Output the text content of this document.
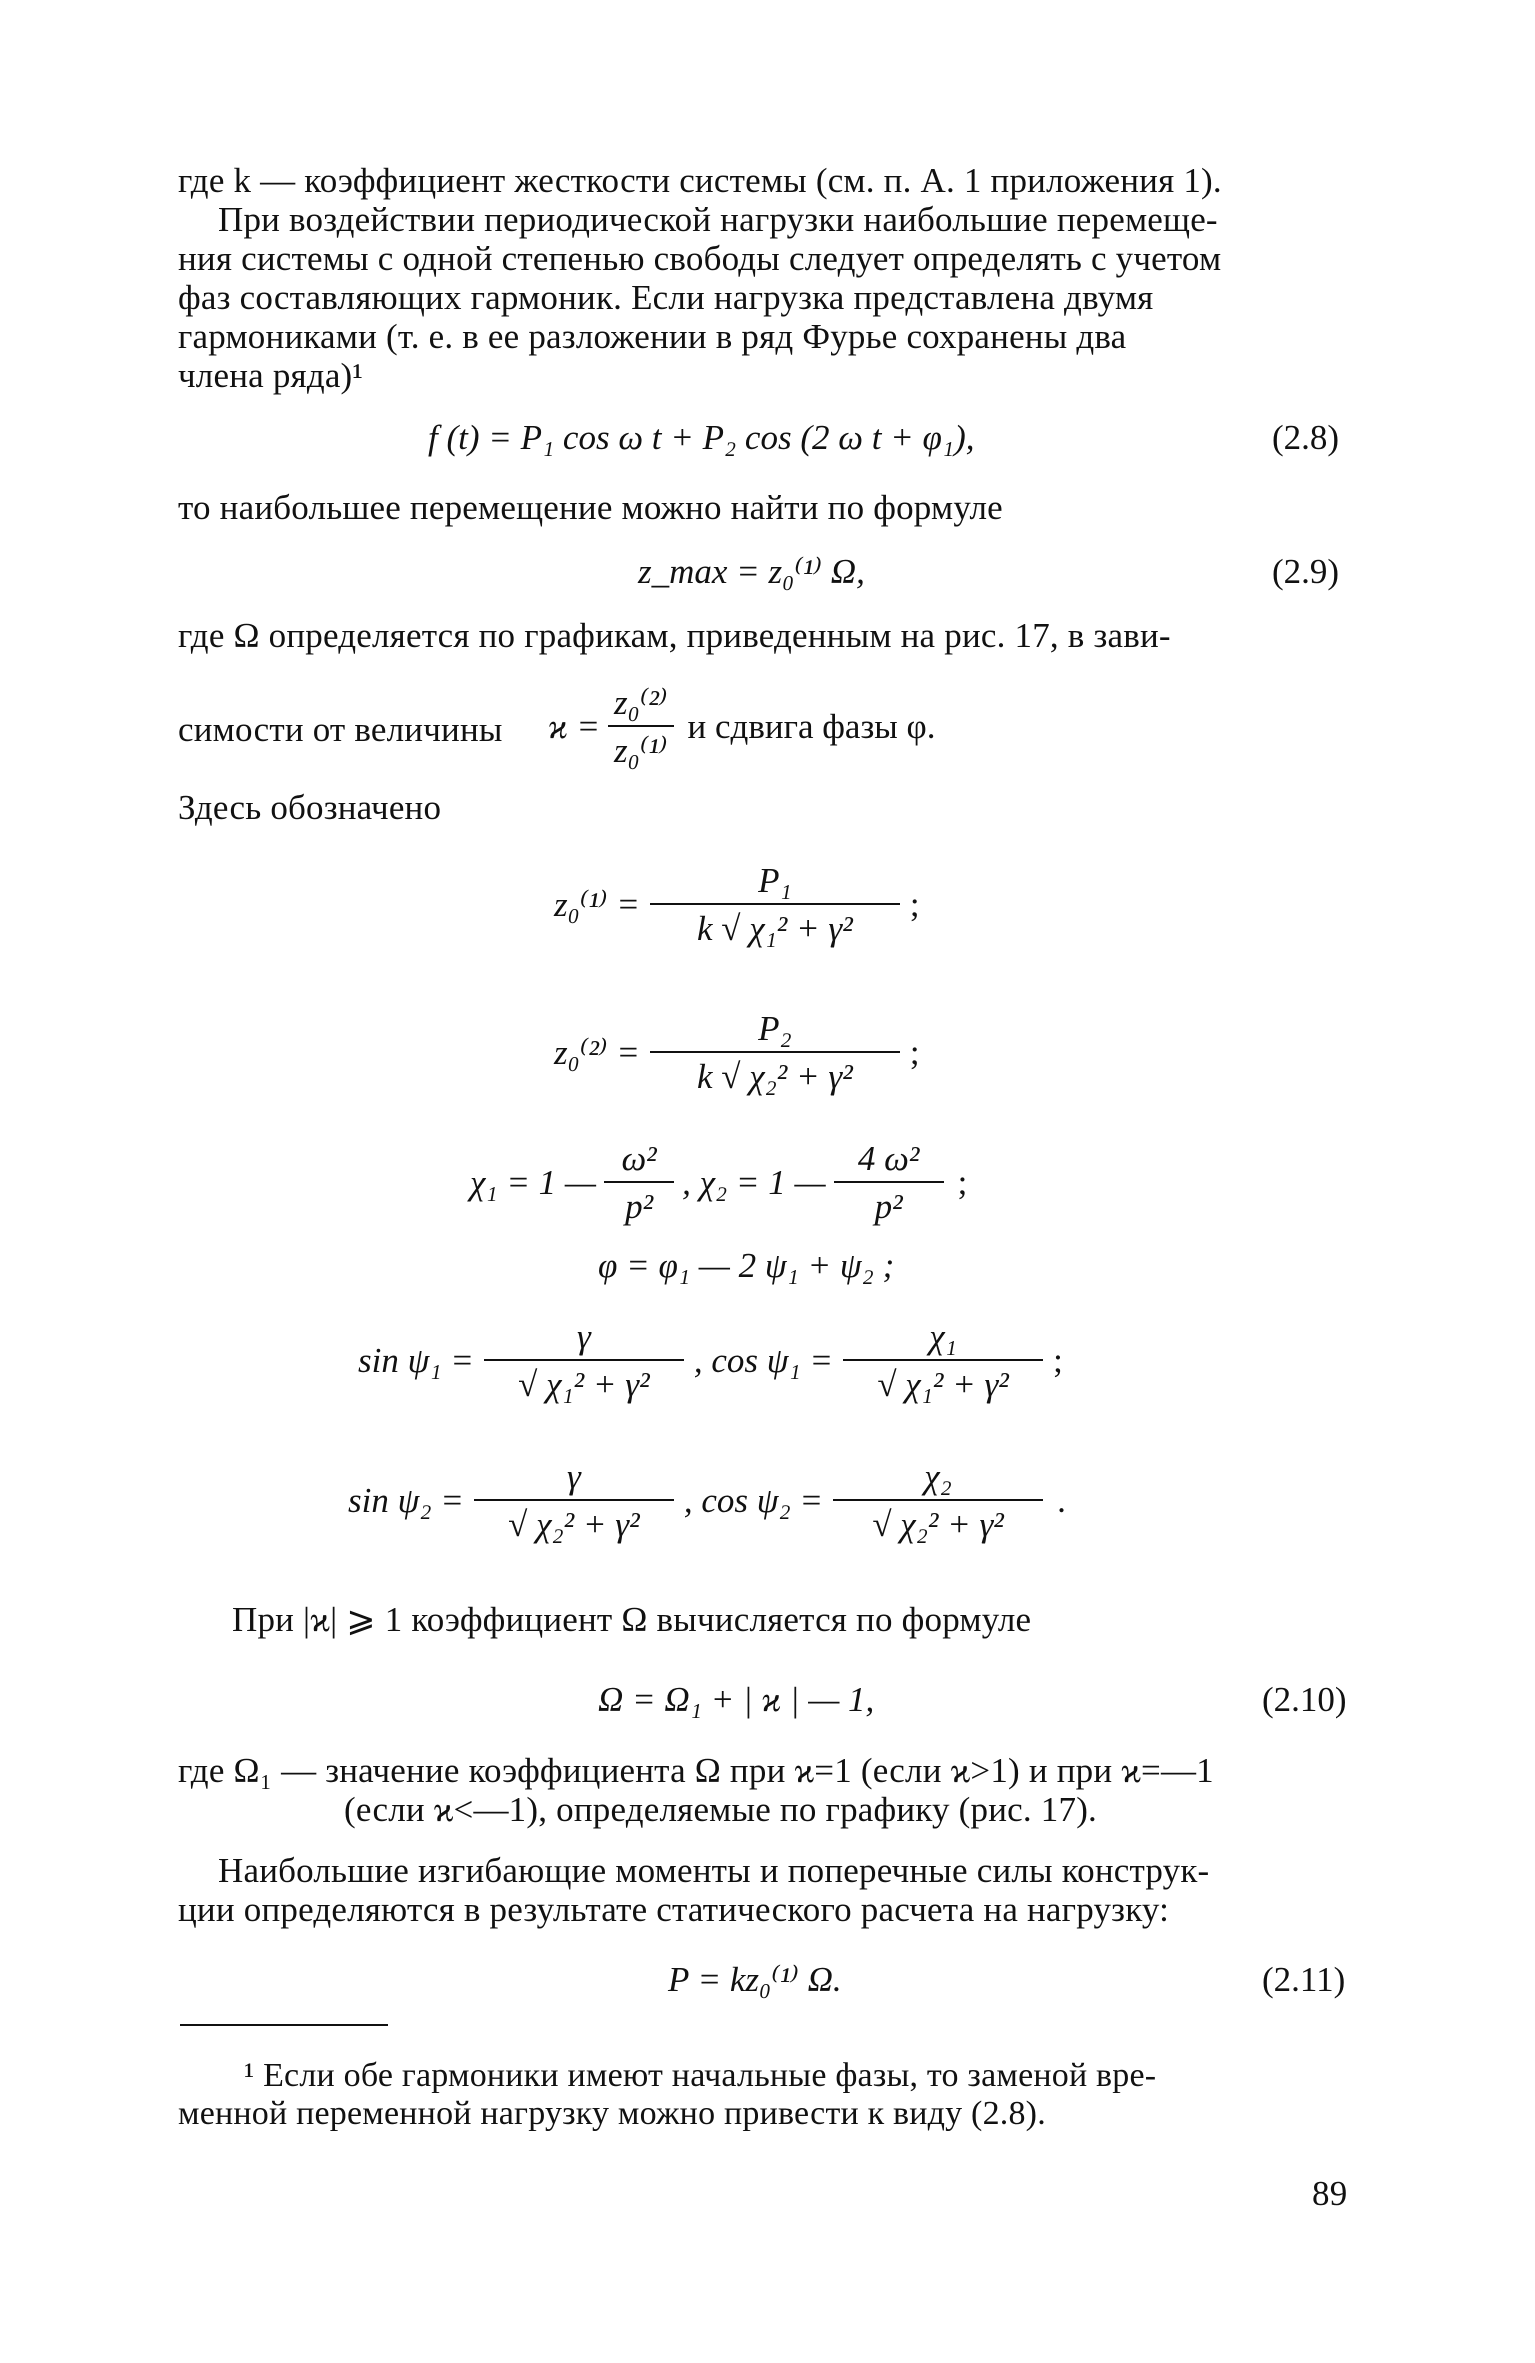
где k — коэффициент жесткости системы (см. п. А. 1 приложения 1).
При воздействии периодической нагрузки наибольшие перемеще-
ния системы с одной степенью свободы следует определять с учетом
фаз составляющих гармоник. Если нагрузка представлена двумя
гармониками (т. е. в ее разложении в ряд Фурье сохранены два
члена ряда)¹
f (t) = P₁ cos ω t + P₂ cos (2 ω t + φ₁),	(2.8)
то наибольшее перемещение можно найти по формуле
z_max = z₀⁽¹⁾ Ω,	(2.9)
где Ω определяется по графикам, приведенным на рис. 17, в зави-
симости от величины $ϰ = \frac{\text{z₀⁽²⁾}}{\text{z₀⁽¹⁾}}$ и сдвига фазы φ.
Здесь обозначено
$z_0^{(1)} = \frac{\text{P₁}}{\text{k √ χ₁² + γ²}}$ ;
$z_0^{(2)} = \frac{\text{P₂}}{\text{k √ χ₂² + γ²}}$ ;
χ₁ = 1 — $\frac{\text{ω²}}{\text{p²}}$ , χ₂ = 1 — $\frac{\text{4 ω²}}{\text{p²}}$ ;
φ = φ₁ — 2 ψ₁ + ψ₂ ;
$\sin \psi_1 = \frac{\gamma}{\text{√ χ₁² + γ²}}$ , $\cos \psi_1 = \frac{\text{χ₁}}{\text{√ χ₁² + γ²}}$ ;
$\sin \psi_2 = \frac{\gamma}{\text{√ χ₂² + γ²}}$ , $\cos \psi_2 = \frac{\text{χ₂}}{\text{√ χ₂² + γ²}}$ .
При |ϰ| ⩾ 1 коэффициент Ω вычисляется по формуле
Ω = Ω₁ + | ϰ | — 1,	(2.10)
где Ω₁ — значение коэффициента Ω при ϰ=1 (если ϰ>1) и при ϰ=—1
(если ϰ<—1), определяемые по графику (рис. 17).
Наибольшие изгибающие моменты и поперечные силы конструк-
ции определяются в результате статического расчета на нагрузку:
P = kz₀⁽¹⁾ Ω.	(2.11)
¹ Если обе гармоники имеют начальные фазы, то заменой вре-
менной переменной нагрузку можно привести к виду (2.8).
89
